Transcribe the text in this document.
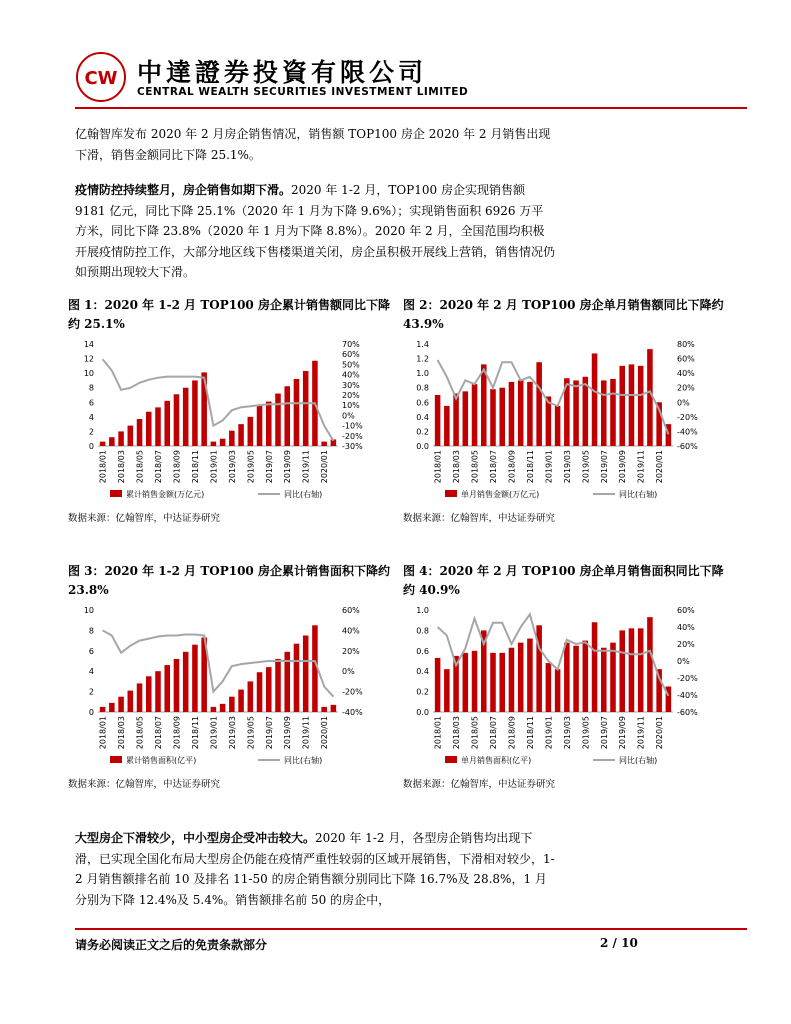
CW 中達證券投資有限公司
CENTRAL WEALTH SECURITIES INVESTMENT LIMITED
亿翰智库发布 2020 年 2 月房企销售情况，销售额 TOP100 房企 2020 年 2 月销售出现下滑，销售金额同比下降 25.1%。
疫情防控持续整月，房企销售如期下滑。2020 年 1-2 月，TOP100 房企实现销售额 9181 亿元，同比下降 25.1%（2020 年 1 月为下降 9.6%）；实现销售面积 6926 万平方米，同比下降 23.8%（2020 年 1 月为下降 8.8%）。2020 年 2 月，全国范围均积极开展疫情防控工作，大部分地区线下售楼渠道关闭，房企虽积极开展线上营销，销售情况仍如预期出现较大下滑。
图 1：2020 年 1-2 月 TOP100 房企累计销售额同比下降约 25.1%
0
2
4
6
8
10
12
14
-30%
-20%
-10%
0%
10%
20%
30%
40%
50%
60%
70%
2018/01 2018/03 2018/05 2018/07 2018/09 2018/11 2019/01 2019/03 2019/05 2019/07 2019/09 2019/11 2020/01
累计销售金额(万亿元)	同比(右轴)
数据来源：亿翰智库，中达证券研究
图 2：2020 年 2 月 TOP100 房企单月销售额同比下降约 43.9%
0.0
0.2
0.4
0.6
0.8
1.0
1.2
1.4
-60%
-40%
-20%
0%
20%
40%
60%
80%
2018/01 2018/03 2018/05 2018/07 2018/09 2018/11 2019/01 2019/03 2019/05 2019/07 2019/09 2019/11 2020/01
单月销售金额(万亿元)	同比(右轴)
数据来源：亿翰智库，中达证券研究
图 3：2020 年 1-2 月 TOP100 房企累计销售面积下降约 23.8%
0
2
4
6
8
10
-40%
-20%
0%
20%
40%
60%
2018/01 2018/03 2018/05 2018/07 2018/09 2018/11 2019/01 2019/03 2019/05 2019/07 2019/09 2019/11 2020/01
累计销售面积(亿平)	同比(右轴)
数据来源：亿翰智库，中达证券研究
图 4：2020 年 2 月 TOP100 房企单月销售面积同比下降约 40.9%
0.0
0.2
0.4
0.6
0.8
1.0
-60%
-40%
-20%
0%
20%
40%
60%
2018/01 2018/03 2018/05 2018/07 2018/09 2018/11 2019/01 2019/03 2019/05 2019/07 2019/09 2019/11 2020/01
单月销售面积(亿平)	同比(右轴)
数据来源：亿翰智库，中达证券研究
大型房企下滑较少，中小型房企受冲击较大。2020 年 1-2 月，各型房企销售均出现下滑，已实现全国化布局大型房企仍能在疫情严重性较弱的区域开展销售，下滑相对较少，1-2 月销售额排名前 10 及排名 11-50 的房企销售额分别同比下降 16.7%及 28.8%，1 月分别为下降 12.4%及 5.4%。销售额排名前 50 的房企中，
请务必阅读正文之后的免责条款部分	2 / 10
